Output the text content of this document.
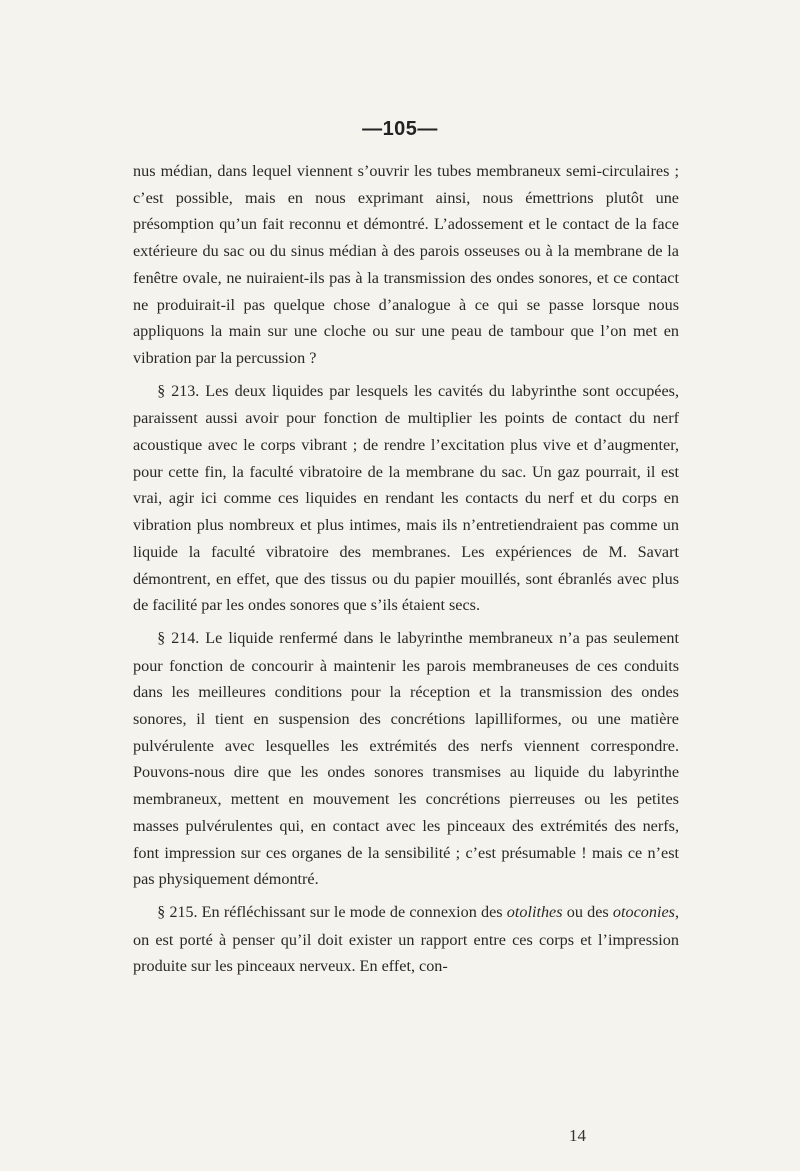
—105—

nus médian, dans lequel viennent s’ouvrir les tubes membraneux semi-circulaires ; c’est possible, mais en nous exprimant ainsi, nous émettrions plutôt une présomption qu’un fait reconnu et démontré. L’adossement et le contact de la face extérieure du sac ou du sinus médian à des parois osseuses ou à la membrane de la fenêtre ovale, ne nuiraient-ils pas à la transmission des ondes sonores, et ce contact ne produirait-il pas quelque chose d’analogue à ce qui se passe lorsque nous appliquons la main sur une cloche ou sur une peau de tambour que l’on met en vibration par la percussion ?

§ 213. Les deux liquides par lesquels les cavités du labyrinthe sont occupées, paraissent aussi avoir pour fonction de multiplier les points de contact du nerf acoustique avec le corps vibrant ; de rendre l’excitation plus vive et d’augmenter, pour cette fin, la faculté vibratoire de la membrane du sac. Un gaz pourrait, il est vrai, agir ici comme ces liquides en rendant les contacts du nerf et du corps en vibration plus nombreux et plus intimes, mais ils n’entretiendraient pas comme un liquide la faculté vibratoire des membranes. Les expériences de M. Savart démontrent, en effet, que des tissus ou du papier mouillés, sont ébranlés avec plus de facilité par les ondes sonores que s’ils étaient secs.

§ 214. Le liquide renfermé dans le labyrinthe membraneux n’a pas seulement pour fonction de concourir à maintenir les parois membraneuses de ces conduits dans les meilleures conditions pour la réception et la transmission des ondes sonores, il tient en suspension des concrétions lapilliformes, ou une matière pulvérulente avec lesquelles les extrémités des nerfs viennent correspondre. Pouvons-nous dire que les ondes sonores transmises au liquide du labyrinthe membraneux, mettent en mouvement les concrétions pierreuses ou les petites masses pulvérulentes qui, en contact avec les pinceaux des extrémités des nerfs, font impression sur ces organes de la sensibilité ; c’est présumable ! mais ce n’est pas physiquement démontré.

§ 215. En réfléchissant sur le mode de connexion des otolithes ou des otoconies, on est porté à penser qu’il doit exister un rapport entre ces corps et l’impression produite sur les pinceaux nerveux. En effet, con-

14
